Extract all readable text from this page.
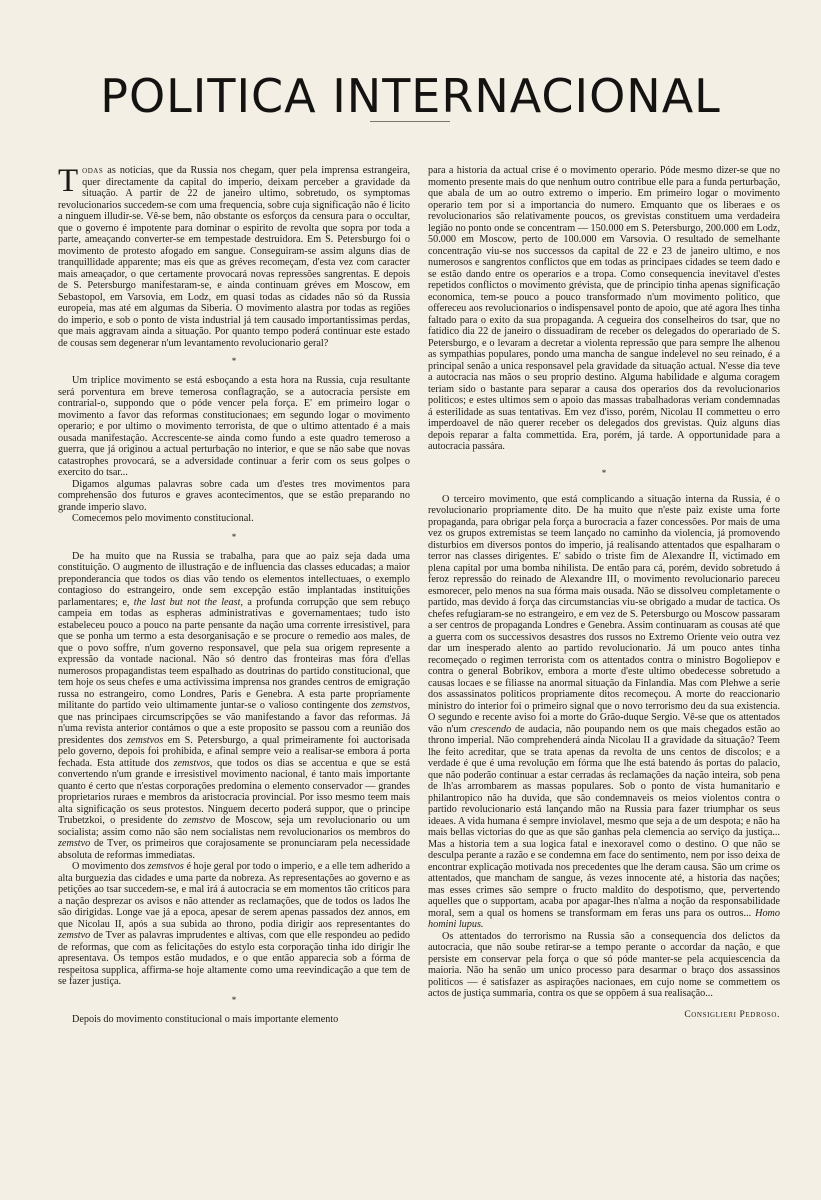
POLITICA INTERNACIONAL

Todas as noticias, que da Russia nos chegam, quer pela imprensa estrangeira, quer directamente da capital do imperio, deixam perceber a gravidade da situação. A partir de 22 de janeiro ultimo, sobretudo, os symptomas revolucionarios succedem-se com uma frequencia, sobre cuja significação não é licito a ninguem illudir-se. Vê-se bem, não obstante os esforços da censura para o occultar, que o governo é impotente para dominar o espirito de revolta que sopra por toda a parte, ameaçando converter-se em tempestade destruidora. Em S. Petersburgo foi o movimento de protesto afogado em sangue. Conseguiram-se assim alguns dias de tranquillidade apparente; mas eis que as gréves recomeçam, d'esta vez com caracter mais ameaçador, o que certamente provocará novas repressões sangrentas. E depois de S. Petersburgo manifestaram-se, e ainda continuam gréves em Moscow, em Sebastopol, em Varsovia, em Lodz, em quasi todas as cidades não só da Russia europeia, mas até em algumas da Siberia. O movimento alastra por todas as regiões do imperio, e sob o ponto de vista industrial já tem causado importantissimas perdas, que mais aggravam ainda a situação. Por quanto tempo poderá continuar este estado de cousas sem degenerar n'um levantamento revolucionario geral?

*

Um triplice movimento se está esboçando a esta hora na Russia, cuja resultante será porventura em breve temerosa conflagração, se a autocracia persiste em contrarial-o, suppondo que o póde vencer pela força. E' em primeiro logar o movimento a favor das reformas constitucionaes; em segundo logar o movimento operario; e por ultimo o movimento terrorista, de que o ultimo attentado é a mais ousada manifestação. Accrescente-se ainda como fundo a este quadro temeroso a guerra, que já originou a actual perturbação no interior, e que se não sabe que novas catastrophes provocará, se a adversidade continuar a ferir com os seus golpes o exercito do tsar...

Digamos algumas palavras sobre cada um d'estes tres movimentos para comprehensão dos futuros e graves acontecimentos, que se estão preparando no grande imperio slavo.

Comecemos pelo movimento constitucional.

*

De ha muito que na Russia se trabalha, para que ao paiz seja dada uma constituição. O augmento de illustração e de influencia das classes educadas; a maior preponderancia que todos os dias vão tendo os elementos intellectuaes, o exemplo contagioso do estrangeiro, onde sem excepção estão implantadas instituições parlamentares; e, the last but not the least, a profunda corrupção que sem rebuço campeia em todas as espheras administrativas e governamentaes; tudo isto estabeleceu pouco a pouco na parte pensante da nação uma corrente irresistivel, para que se ponha um termo a esta desorganisação e se procure o remedio aos males, de que o povo soffre, n'um governo responsavel, que pela sua origem represente a expressão da vontade nacional. Não só dentro das fronteiras mas fóra d'ellas numerosos propagandistas teem espalhado as doutrinas do partido constitucional, que tem hoje os seus chefes e uma activissima imprensa nos grandes centros de emigração russa no estrangeiro, como Londres, Paris e Genebra. A esta parte propriamente militante do partido veio ultimamente juntar-se o valioso contingente dos zemstvos, que nas principaes circumscripções se vão manifestando a favor das reformas. Já n'uma revista anterior contámos o que a este proposito se passou com a reunião dos presidentes dos zemstvos em S. Petersburgo, a qual primeiramente foi auctorisada pelo governo, depois foi prohibida, e afinal sempre veio a realisar-se embora á porta fechada. Esta attitude dos zemstvos, que todos os dias se accentua e que se está convertendo n'um grande e irresistivel movimento nacional, é tanto mais importante quanto é certo que n'estas corporações predomina o elemento conservador — grandes proprietarios ruraes e membros da aristocracia provincial. Por isso mesmo teem mais alta significação os seus protestos. Ninguem decerto poderá suppor, que o principe Trubetzkoi, o presidente do zemstvo de Moscow, seja um revolucionario ou um socialista; assim como não são nem socialistas nem revolucionarios os membros do zemstvo de Tver, os primeiros que corajosamente se pronunciaram pela necessidade absoluta de reformas immediatas.

O movimento dos zemstvos é hoje geral por todo o imperio, e a elle tem adherido a alta burguezia das cidades e uma parte da nobreza. As representações ao governo e as petições ao tsar succedem-se, e mal irá á autocracia se em momentos tão criticos para a nação desprezar os avisos e não attender as reclamações, que de todos os lados lhe são dirigidas. Longe vae já a epoca, apesar de serem apenas passados dez annos, em que Nicolau II, após a sua subida ao throno, podia dirigir aos representantes do zemstvo de Tver as palavras imprudentes e altivas, com que elle respondeu ao pedido de reformas, que com as felicitações do estylo esta corporação tinha ido dirigir lhe apresentava. Os tempos estão mudados, e o que então apparecia sob a fórma de respeitosa supplica, affirma-se hoje altamente como uma reevindicação a que tem de se fazer justiça.

*

Depois do movimento constitucional o mais importante elemento

para a historia da actual crise é o movimento operario. Póde mesmo dizer-se que no momento presente mais do que nenhum outro contribue elle para a funda perturbação, que abala de um ao outro extremo o imperio. Em primeiro logar o movimento operario tem por si a importancia do numero. Emquanto que os liberaes e os revolucionarios são relativamente poucos, os grevistas constituem uma verdadeira legião no ponto onde se concentram — 150.000 em S. Petersburgo, 200.000 em Lodz, 50.000 em Moscow, perto de 100.000 em Varsovia. O resultado de semelhante concentração viu-se nos successos da capital de 22 e 23 de janeiro ultimo, e nos numerosos e sangrentos conflictos que em todas as principaes cidades se teem dado e se estão dando entre os operarios e a tropa. Como consequencia inevitavel d'estes repetidos conflictos o movimento grévista, que de principio tinha apenas significação economica, tem-se pouco a pouco transformado n'um movimento politico, que offereceu aos revolucionarios o indispensavel ponto de apoio, que até agora lhes tinha faltado para o exito da sua propaganda. A cegueira dos conselheiros do tsar, que no fatidico dia 22 de janeiro o dissuadiram de receber os delegados do operariado de S. Petersburgo, e o levaram a decretar a violenta repressão que para sempre lhe alhenou as sympathias populares, pondo uma mancha de sangue indelevel no seu reinado, é a principal senão a unica responsavel pela gravidade da situação actual. N'esse dia teve a autocracia nas mãos o seu proprio destino. Alguma habilidade e alguma coragem teriam sido o bastante para separar a causa dos operarios dos da revolucionarios politicos; e estes ultimos sem o apoio das massas trabalhadoras veriam condemnadas á esterilidade as suas tentativas. Em vez d'isso, porém, Nicolau II commetteu o erro imperdoavel de não querer receber os delegados dos grevistas. Quiz alguns dias depois reparar a falta commettida. Era, porém, já tarde. A opportunidade para a autocracia passára.

*

O terceiro movimento, que está complicando a situação interna da Russia, é o revolucionario propriamente dito. De ha muito que n'este paiz existe uma forte propaganda, para obrigar pela força a burocracia a fazer concessões. Por mais de uma vez os grupos extremistas se teem lançado no caminho da violencia, já promovendo disturbios em diversos pontos do imperio, já realisando attentados que espalharam o terror nas classes dirigentes. E' sabido o triste fim de Alexandre II, victimado em plena capital por uma bomba nihilista. De então para cá, porém, devido sobretudo á feroz repressão do reinado de Alexandre III, o movimento revolucionario pareceu esmorecer, pelo menos na sua fórma mais ousada. Não se dissolveu completamente o partido, mas devido á força das circumstancias viu-se obrigado a mudar de tactica. Os chefes refugiaram-se no estrangeiro, e em vez de S. Petersburgo ou Moscow passaram a ser centros de propaganda Londres e Genebra. Assim continuaram as cousas até que a guerra com os successivos desastres dos russos no Extremo Oriente veio outra vez dar um inesperado alento ao partido revolucionario. Já um pouco antes tinha recomeçado o regimen terrorista com os attentados contra o ministro Bogoliepov e contra o general Bobrikov, embora a morte d'este ultimo obedecesse sobretudo a causas locaes e se filiasse na anormal situação da Finlandia. Mas com Plehwe a serie dos assassinatos politicos propriamente ditos recomeçou. A morte do reaccionario ministro do interior foi o primeiro signal que o novo terrorismo deu da sua existencia. O segundo e recente aviso foi a morte do Grão-duque Sergio. Vê-se que os attentados vão n'um crescendo de audacia, não poupando nem os que mais chegados estão ao throno imperial. Não comprehenderá ainda Nicolau II a gravidade da situação? Teem lhe feito acreditar, que se trata apenas da revolta de uns centos de discolos; e a verdade é que é uma revolução em fórma que lhe está batendo ás portas do palacio, que não poderão continuar a estar cerradas ás reclamações da nação inteira, sob pena de lh'as arrombarem as massas populares. Sob o ponto de vista humanitario e philantropico não ha duvida, que são condemnaveis os meios violentos contra o partido revolucionario está lançando mão na Russia para fazer triumphar os seus ideaes. A vida humana é sempre inviolavel, mesmo que seja a de um despota; e não ha mais bellas victorias do que as que são ganhas pela clemencia ao serviço da justiça... Mas a historia tem a sua logica fatal e inexoravel como o destino. O que não se desculpa perante a razão e se condemna em face do sentimento, nem por isso deixa de encontrar explicação motivada nos precedentes que lhe deram causa. São um crime os attentados, que mancham de sangue, ás vezes innocente até, a historia das nações; mas esses crimes são sempre o fructo maldito do despotismo, que, pervertendo aquelles que o supportam, acaba por apagar-lhes n'alma a noção da responsabilidade moral, sem a qual os homens se transformam em feras uns para os outros... Homo homini lupus.

Os attentados do terrorismo na Russia são a consequencia dos delictos da autocracia, que não soube retirar-se a tempo perante o accordar da nação, e que persiste em conservar pela força o que só póde manter-se pela acquiescencia da maioria. Não ha senão um unico processo para desarmar o braço dos assassinos politicos — é satisfazer as aspirações nacionaes, em cujo nome se commettem os actos de justiça summaria, contra os que se oppõem á sua realisação...

Consiglieri Pedroso.
